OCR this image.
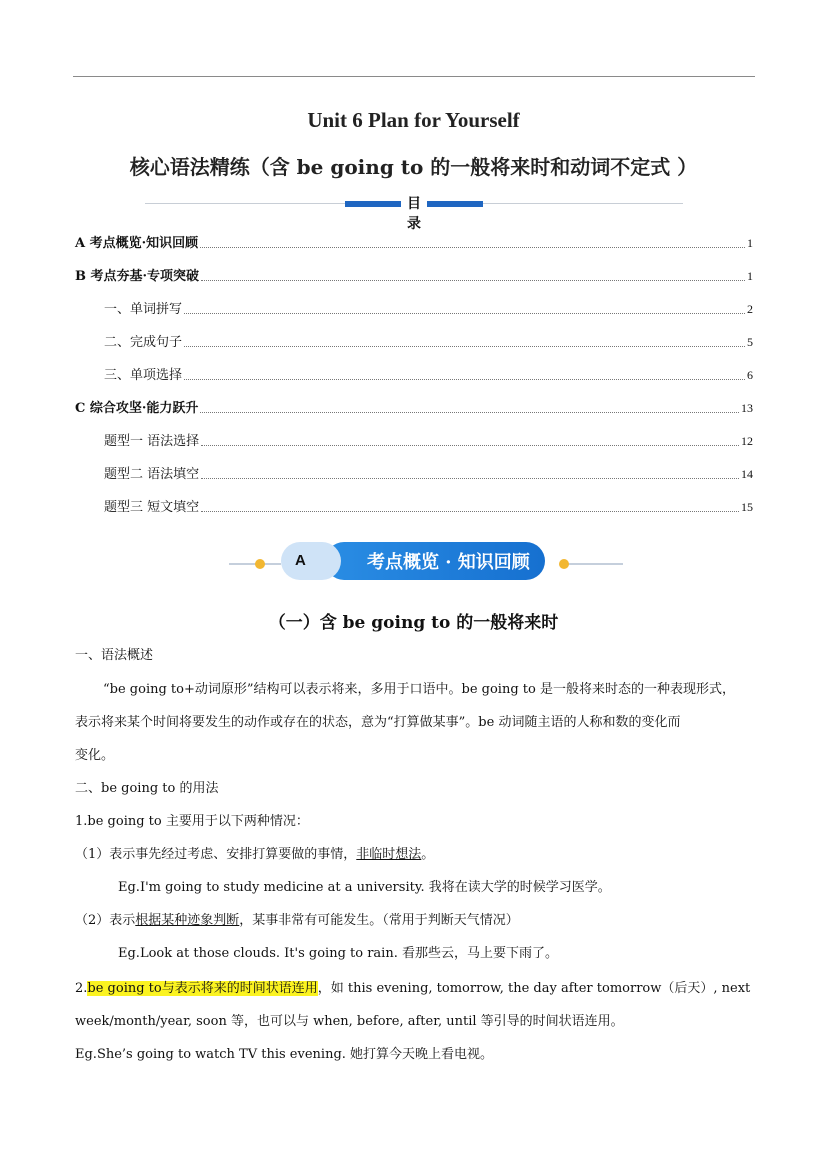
Unit 6 Plan for Yourself
核心语法精练（含 be going to 的一般将来时和动词不定式 ）
目录
A 考点概览·知识回顾	1
B 考点夯基·专项突破	1
一、单词拼写	2
二、完成句子	5
三、单项选择	6
C 综合攻坚·能力跃升	13
题型一 语法选择	12
题型二 语法填空	14
题型三 短文填空	15
考点概览 · 知识回顾
A
（一）含 be going to 的一般将来时
一、语法概述
“be going to+动词原形”结构可以表示将来，多用于口语中。be going to 是一般将来时态的一种表现形式，
表示将来某个时间将要发生的动作或存在的状态，意为“打算做某事”。be 动词随主语的人称和数的变化而
变化。
二、be going to 的用法
1.be going to 主要用于以下两种情况：
（1）表示事先经过考虑、安排打算要做的事情，非临时想法。
Eg.I'm going to study medicine at a university. 我将在读大学的时候学习医学。
（2）表示根据某种迹象判断，某事非常有可能发生。（常用于判断天气情况）
Eg.Look at those clouds. It's going to rain. 看那些云，马上要下雨了。
2.be going to与表示将来的时间状语连用，如 this evening, tomorrow, the day after tomorrow（后天）, next
week/month/year, soon 等，也可以与 when, before, after, until 等引导的时间状语连用。
Eg.She’s going to watch TV this evening. 她打算今天晚上看电视。
